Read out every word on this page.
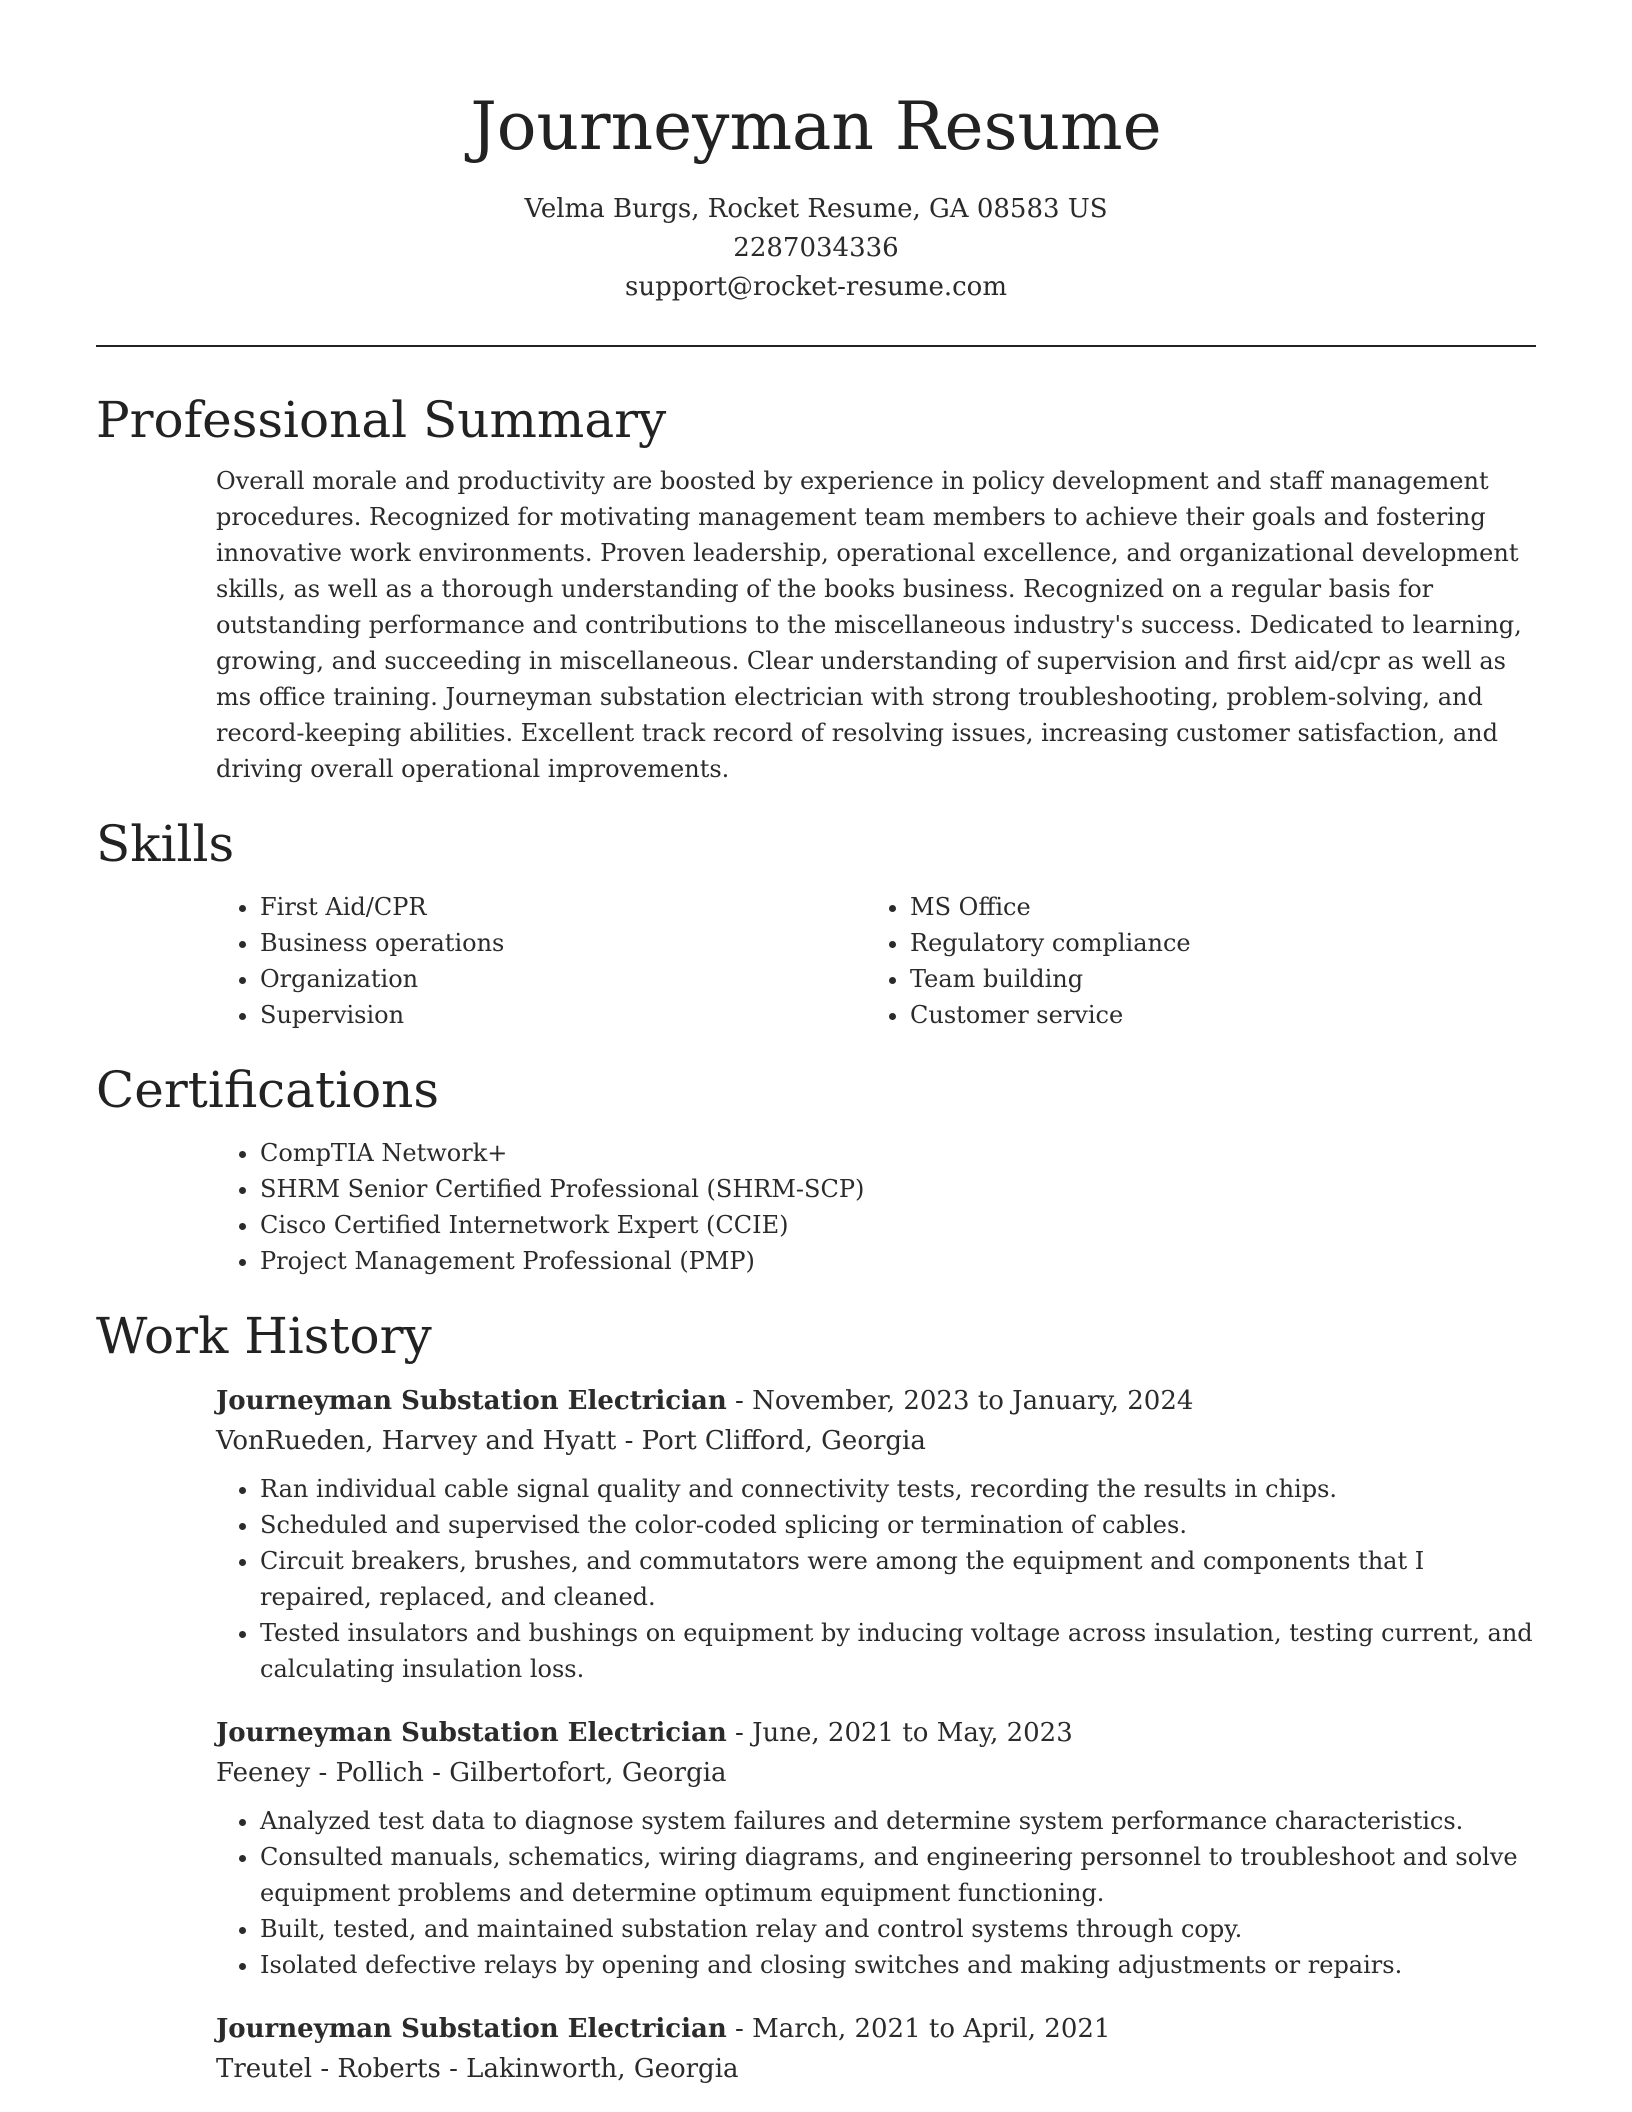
Journeyman Resume
Velma Burgs, Rocket Resume, GA 08583 US
2287034336
support@rocket-resume.com
Professional Summary

Overall morale and productivity are boosted by experience in policy development and staff management procedures. Recognized for motivating management team members to achieve their goals and fostering innovative work environments. Proven leadership, operational excellence, and organizational development skills, as well as a thorough understanding of the books business. Recognized on a regular basis for outstanding performance and contributions to the miscellaneous industry's success. Dedicated to learning, growing, and succeeding in miscellaneous. Clear understanding of supervision and first aid/cpr as well as ms office training. Journeyman substation electrician with strong troubleshooting, problem-solving, and record-keeping abilities. Excellent track record of resolving issues, increasing customer satisfaction, and driving overall operational improvements.

Skills
• First Aid/CPR
• Business operations
• Organization
• Supervision
• MS Office
• Regulatory compliance
• Team building
• Customer service
Certifications
• CompTIA Network+
• SHRM Senior Certified Professional (SHRM-SCP)
• Cisco Certified Internetwork Expert (CCIE)
• Project Management Professional (PMP)
Work History
Journeyman Substation Electrician - November, 2023 to January, 2024
VonRueden, Harvey and Hyatt - Port Clifford, Georgia
• Ran individual cable signal quality and connectivity tests, recording the results in chips.
• Scheduled and supervised the color-coded splicing or termination of cables.
• Circuit breakers, brushes, and commutators were among the equipment and components that I repaired, replaced, and cleaned.
• Tested insulators and bushings on equipment by inducing voltage across insulation, testing current, and calculating insulation loss.
Journeyman Substation Electrician - June, 2021 to May, 2023
Feeney - Pollich - Gilbertofort, Georgia
• Analyzed test data to diagnose system failures and determine system performance characteristics.
• Consulted manuals, schematics, wiring diagrams, and engineering personnel to troubleshoot and solve equipment problems and determine optimum equipment functioning.
• Built, tested, and maintained substation relay and control systems through copy.
• Isolated defective relays by opening and closing switches and making adjustments or repairs.
Journeyman Substation Electrician - March, 2021 to April, 2021
Treutel - Roberts - Lakinworth, Georgia
